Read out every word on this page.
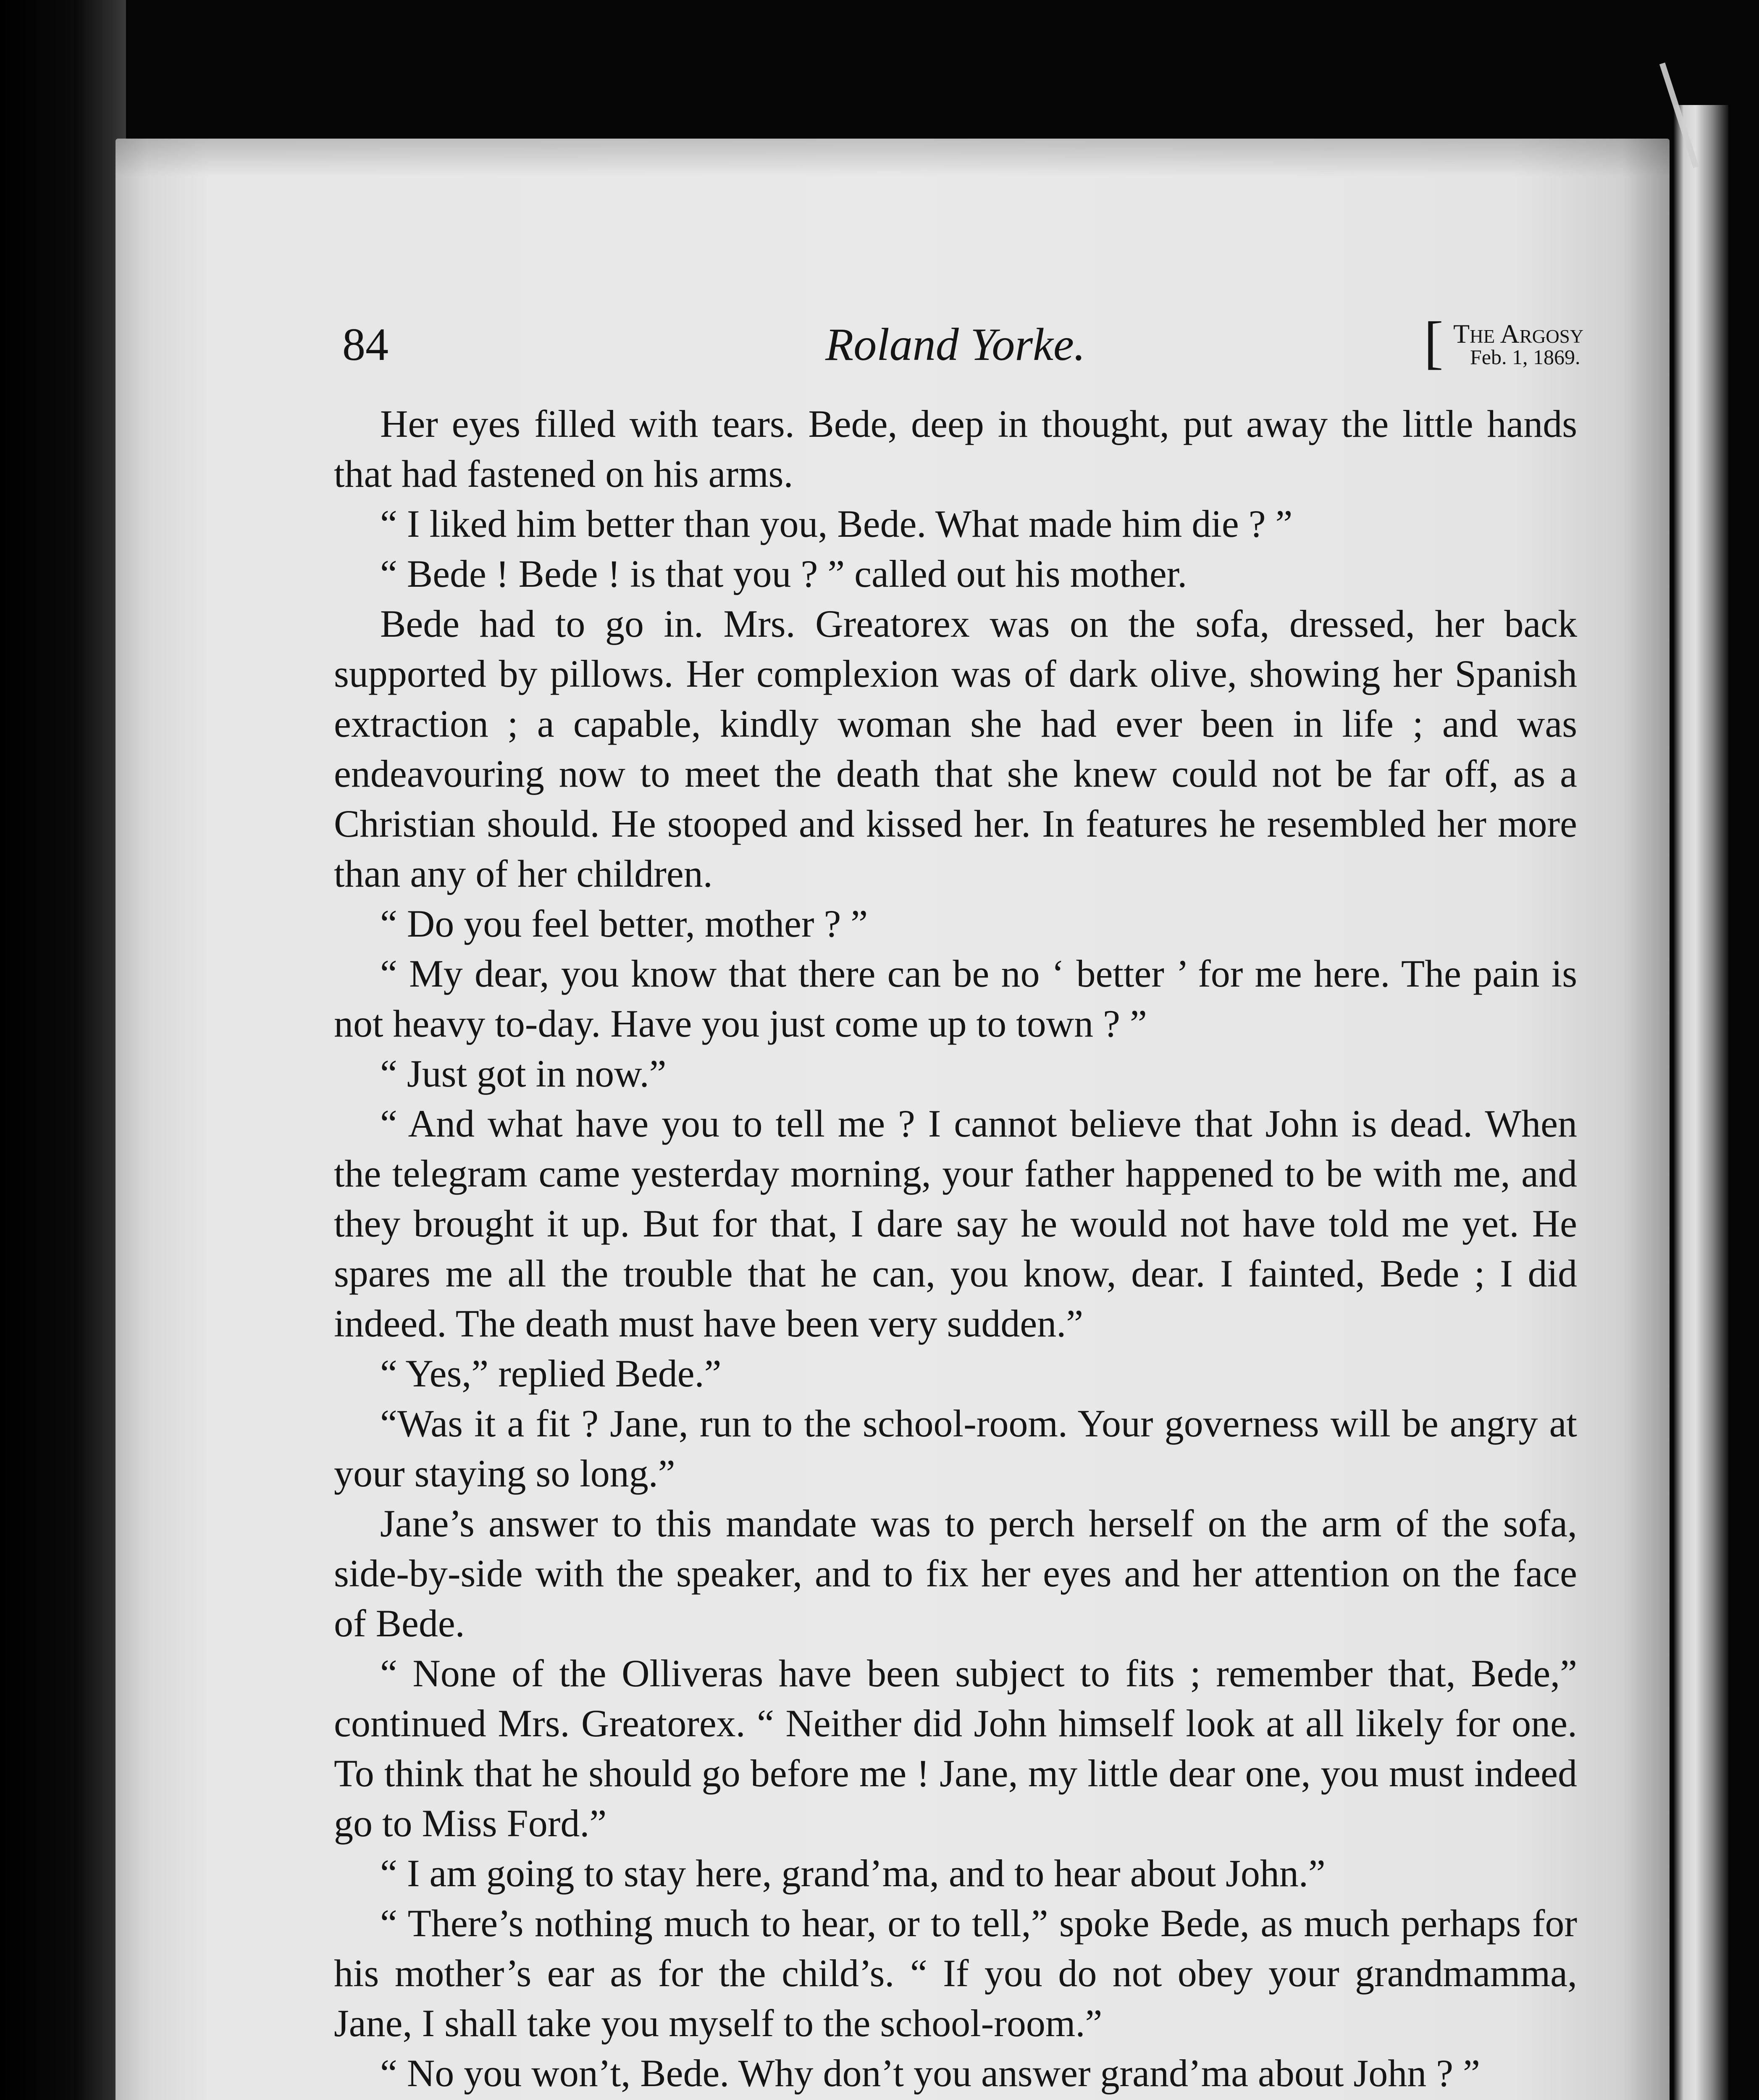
84	Roland Yorke.	[ The Argosy
Feb. 1, 1869.

Her eyes filled with tears. Bede, deep in thought, put away the little hands that had fastened on his arms.

“ I liked him better than you, Bede. What made him die ? ”

“ Bede ! Bede ! is that you ? ” called out his mother.

Bede had to go in. Mrs. Greatorex was on the sofa, dressed, her back supported by pillows. Her complexion was of dark olive, showing her Spanish extraction ; a capable, kindly woman she had ever been in life ; and was endeavouring now to meet the death that she knew could not be far off, as a Christian should. He stooped and kissed her. In features he resembled her more than any of her children.

“ Do you feel better, mother ? ”

“ My dear, you know that there can be no ‘ better ’ for me here. The pain is not heavy to-day. Have you just come up to town ? ”

“ Just got in now.”

“ And what have you to tell me ? I cannot believe that John is dead. When the telegram came yesterday morning, your father happened to be with me, and they brought it up. But for that, I dare say he would not have told me yet. He spares me all the trouble that he can, you know, dear. I fainted, Bede ; I did indeed. The death must have been very sudden.”

“ Yes,” replied Bede.”

“Was it a fit ? Jane, run to the school-room. Your governess will be angry at your staying so long.”

Jane’s answer to this mandate was to perch herself on the arm of the sofa, side-by-side with the speaker, and to fix her eyes and her attention on the face of Bede.

“ None of the Olliveras have been subject to fits ; remember that, Bede,” continued Mrs. Greatorex. “ Neither did John himself look at all likely for one. To think that he should go before me ! Jane, my little dear one, you must indeed go to Miss Ford.”

“ I am going to stay here, grand’ma, and to hear about John.”

“ There’s nothing much to hear, or to tell,” spoke Bede, as much perhaps for his mother’s ear as for the child’s. “ If you do not obey your grandmamma, Jane, I shall take you myself to the school-room.”

“ No you won’t, Bede. Why don’t you answer grand’ma about John ? ”
